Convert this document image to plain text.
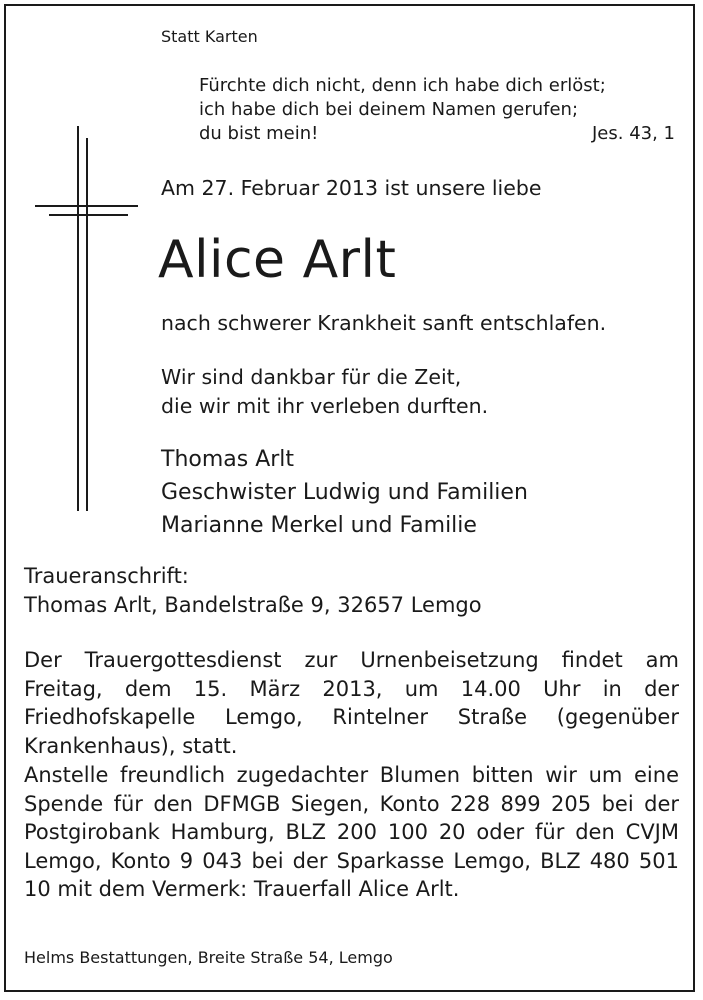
Statt Karten
Fürchte dich nicht, denn ich habe dich erlöst;
ich habe dich bei deinem Namen gerufen;
du bist mein!	Jes. 43, 1
Am 27. Februar 2013 ist unsere liebe
Alice Arlt
nach schwerer Krankheit sanft entschlafen.
Wir sind dankbar für die Zeit,
die wir mit ihr verleben durften.
Thomas Arlt
Geschwister Ludwig und Familien
Marianne Merkel und Familie
Traueranschrift:
Thomas Arlt, Bandelstraße 9, 32657 Lemgo
Der Trauergottesdienst zur Urnenbeisetzung findet am Freitag, dem 15. März 2013, um 14.00 Uhr in der Friedhofskapelle Lemgo, Rintelner Straße (gegenüber Krankenhaus), statt.
Anstelle freundlich zugedachter Blumen bitten wir um eine Spende für den DFMGB Siegen, Konto 228 899 205 bei der Postgirobank Hamburg, BLZ 200 100 20 oder für den CVJM Lemgo, Konto 9 043 bei der Sparkasse Lemgo, BLZ 480 501 10 mit dem Vermerk: Trauerfall Alice Arlt.
Helms Bestattungen, Breite Straße 54, Lemgo
